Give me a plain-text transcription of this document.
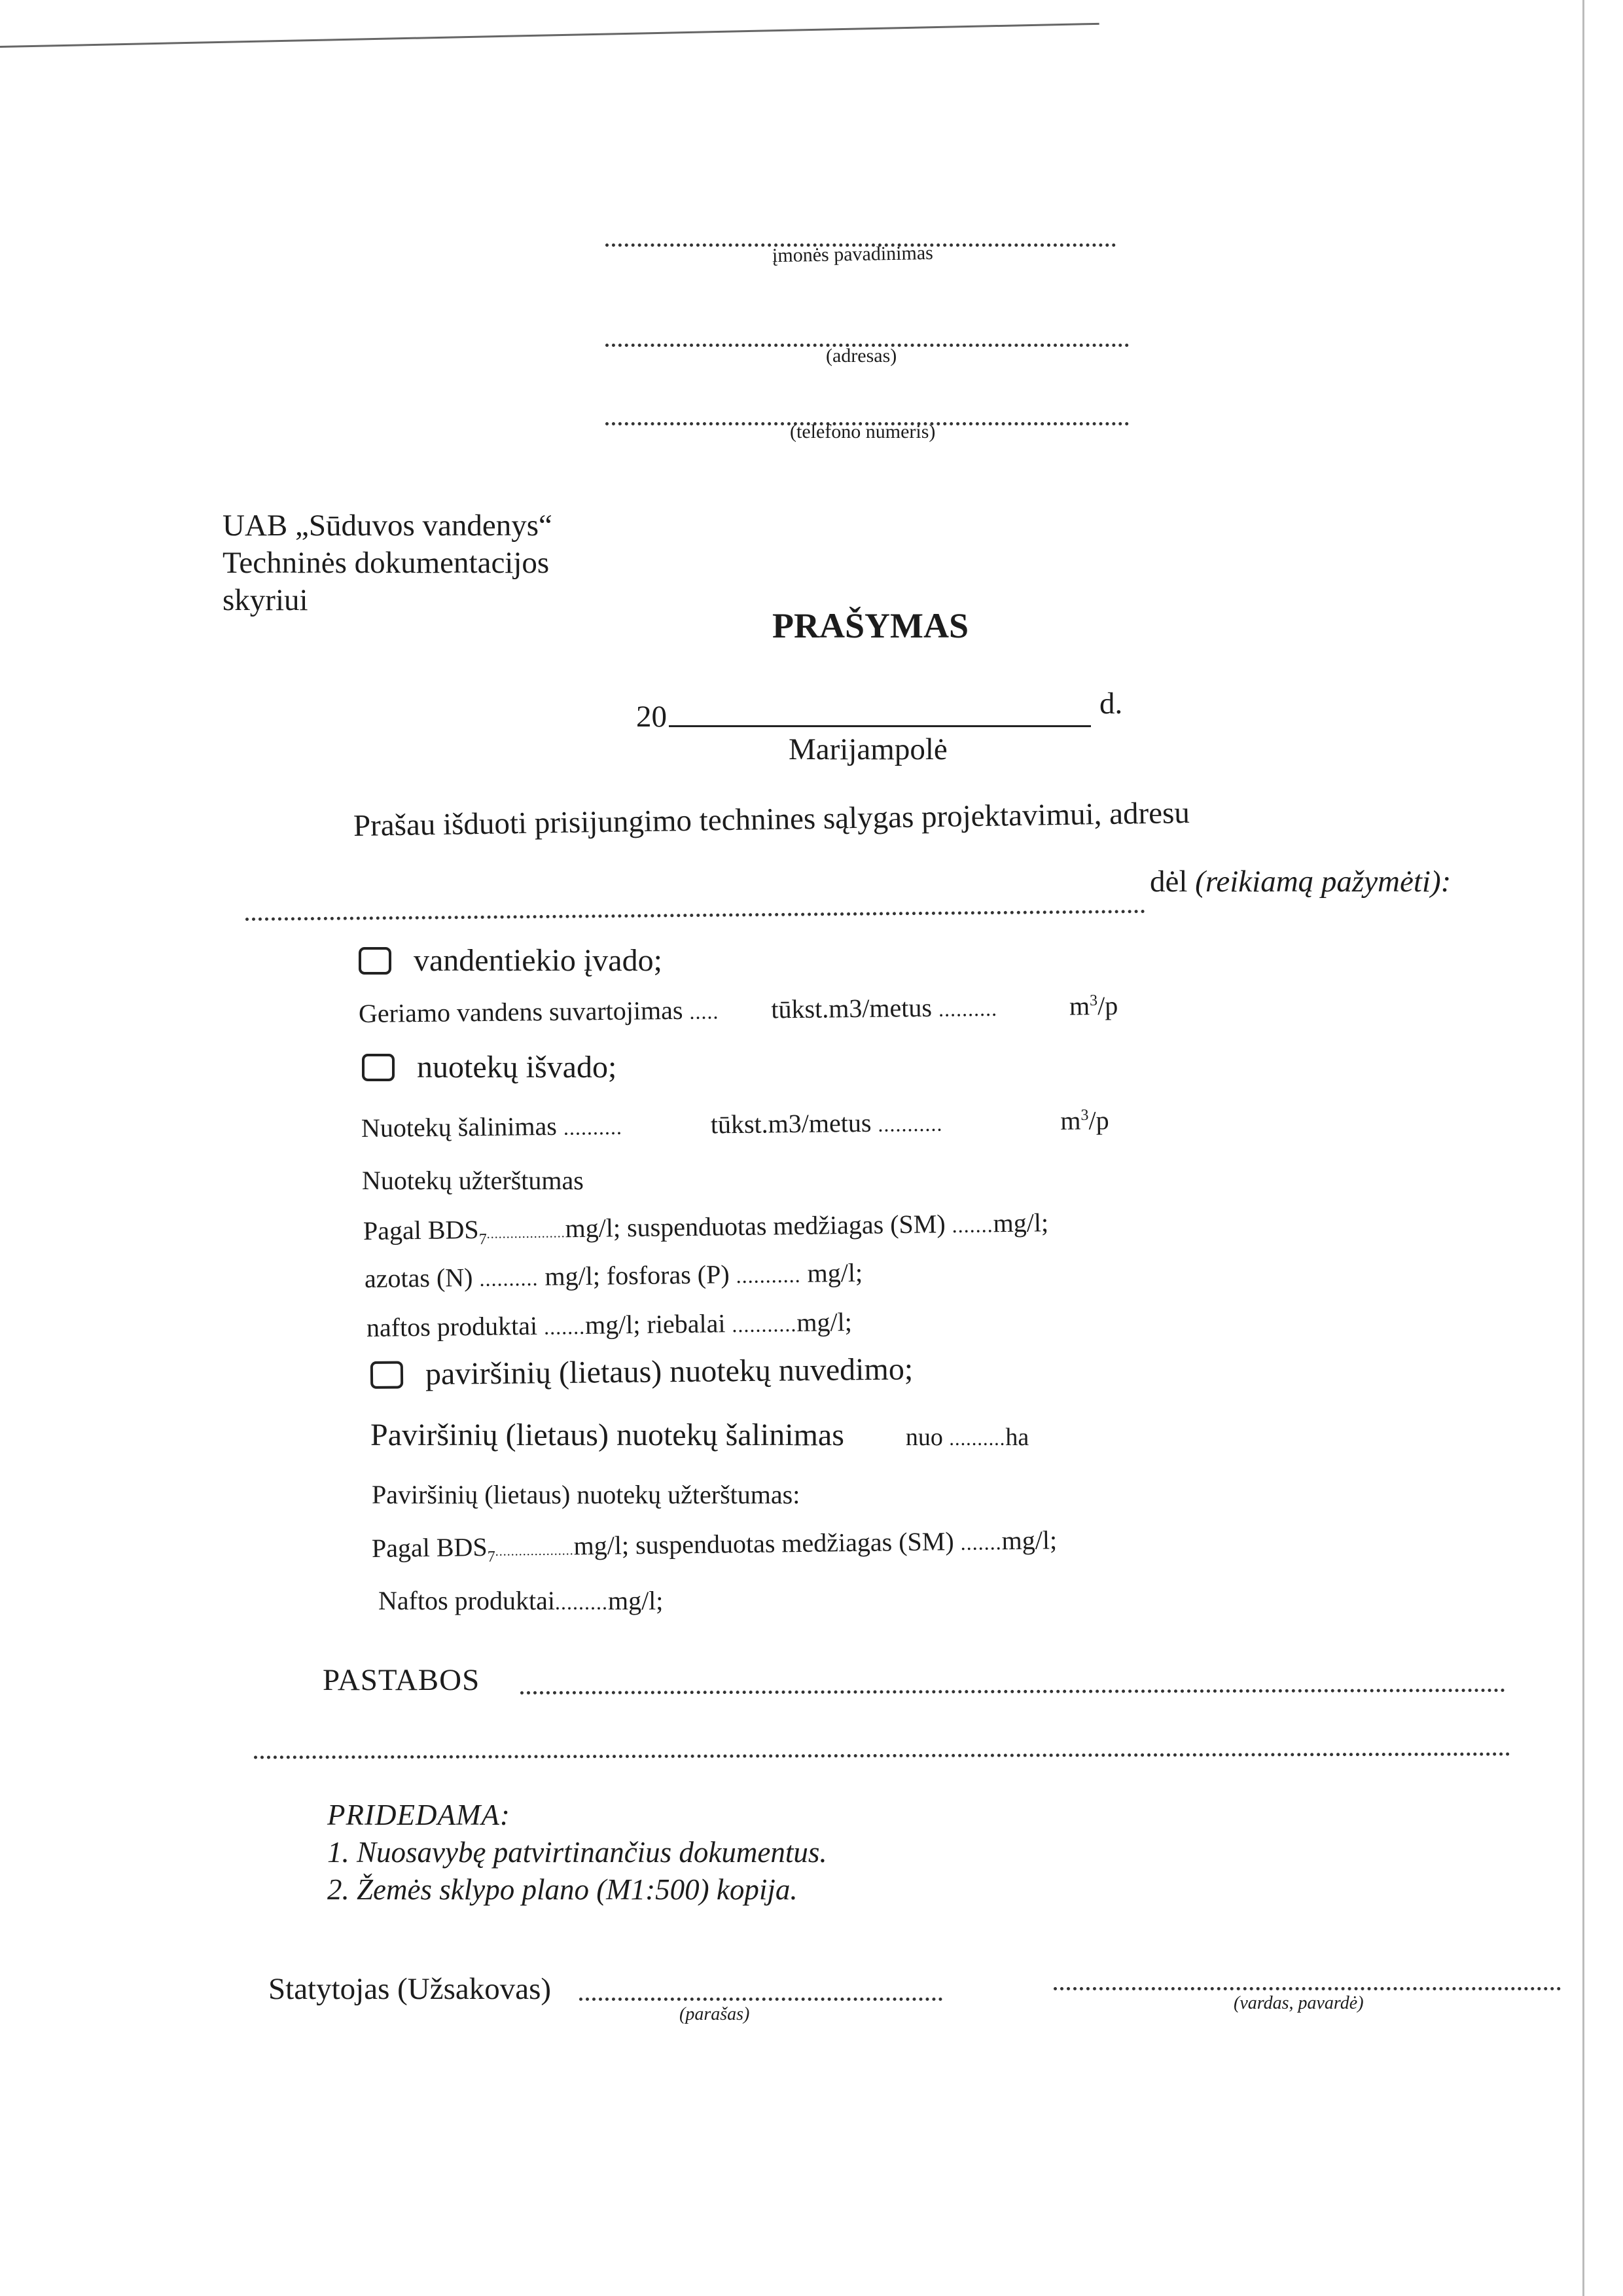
įmonės pavadinimas
(adresas)
(telefono numeris)
UAB „Sūduvos vandenys“
Techninės dokumentacijos
skyriui
PRAŠYMAS
20	d.
Marijampolė
Prašau išduoti prisijungimo technines sąlygas projektavimui, adresu
dėl (reikiamą pažymėti):
vandentiekio įvado;
Geriamo vandens suvartojimas ..... tūkst.m3/metus ..........	$m^3/p$
nuotekų išvado;
Nuotekų šalinimas ..........	tūkst.m3/metus ...........	$m^3/p$
Nuotekų užterštumas
Pagal $BDS_7....................mg/l$; suspenduotas medžiagas (SM) .......mg/l;
azotas (N) .......... mg/l; fosforas (P) ........... mg/l;
naftos produktai .......mg/l; riebalai ...........mg/l;
paviršinių (lietaus) nuotekų nuvedimo;
Paviršinių (lietaus) nuotekų šalinimas nuo ..........ha
Paviršinių (lietaus) nuotekų užterštumas:
Pagal $BDS_7....................mg/l$; suspenduotas medžiagas (SM) .......mg/l;
Naftos produktai.........mg/l;
PASTABOS
PRIDEDAMA:
1. Nuosavybę patvirtinančius dokumentus.
2. Žemės sklypo plano (M1:500) kopija.
Statytojas (Užsakovas)
(parašas)
(vardas, pavardė)
